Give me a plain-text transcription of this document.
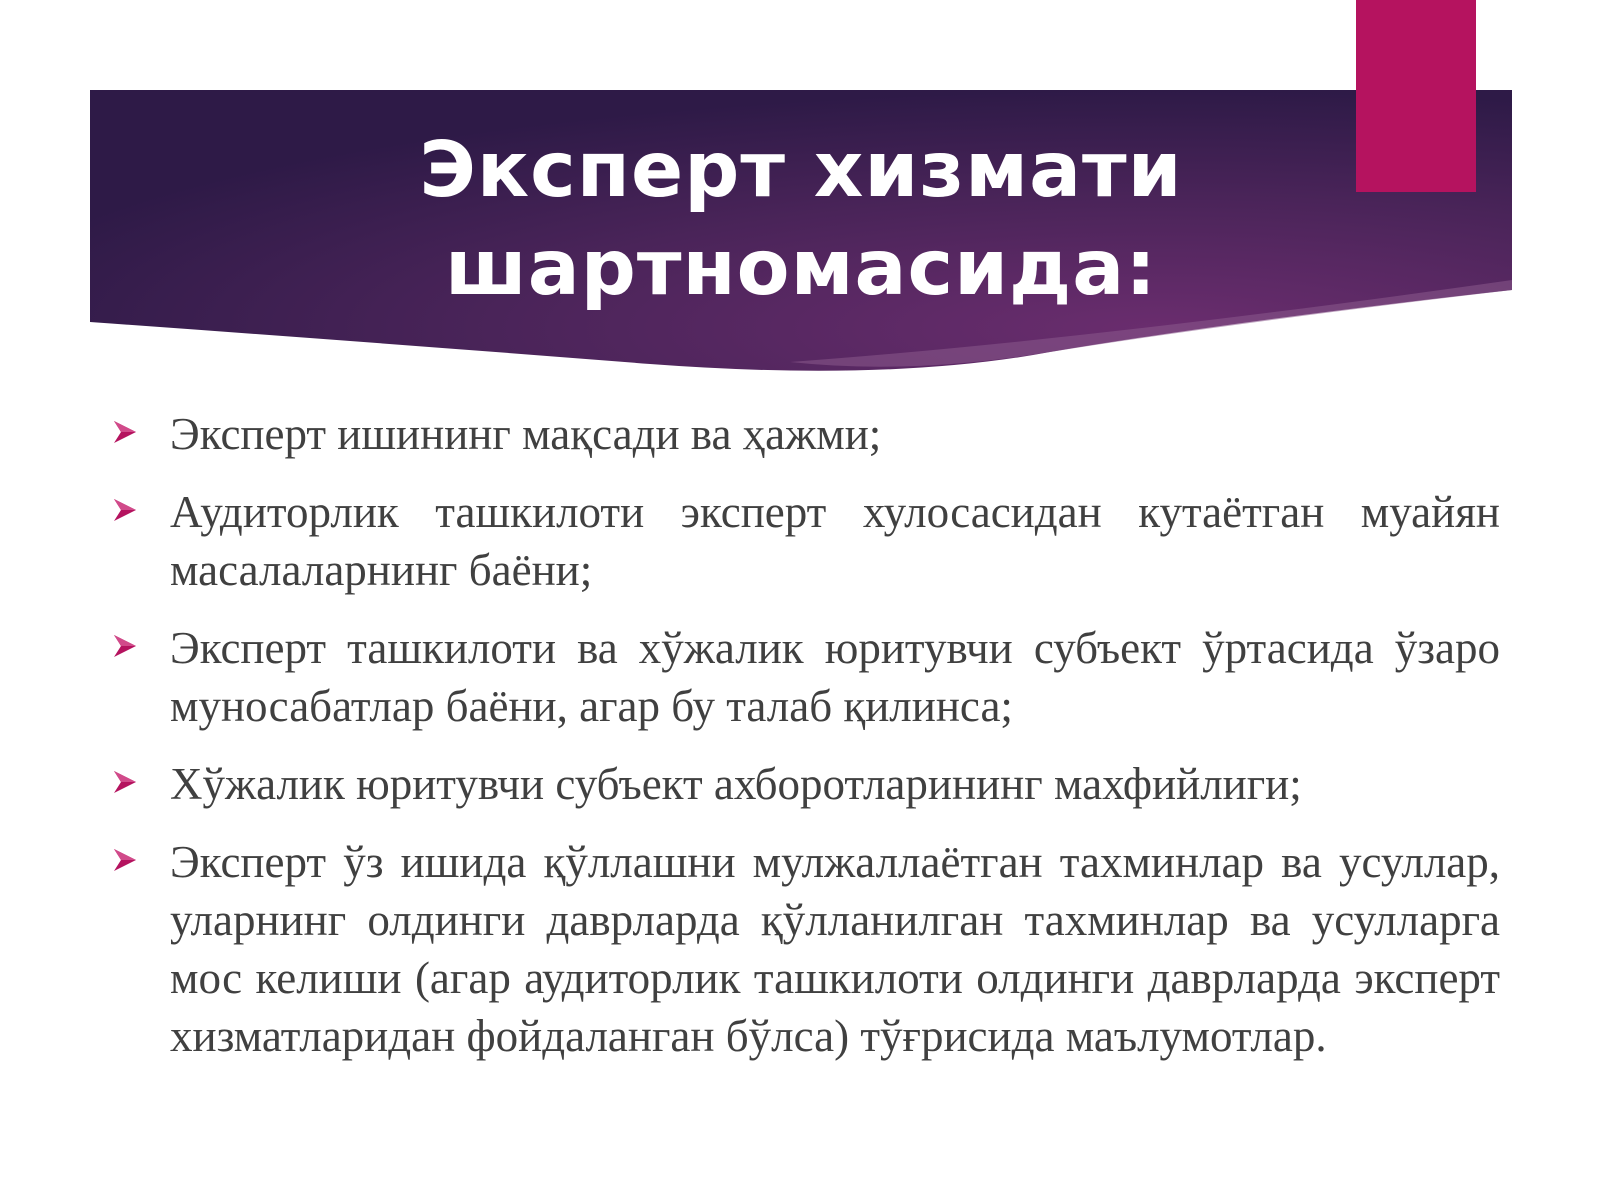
Эксперт хизмати
шартномасида:
Эксперт ишининг мақсади ва ҳажми;
Аудиторлик ташкилоти эксперт хулосасидан кутаётган муайян масалаларнинг баёни;
Эксперт ташкилоти ва хўжалик юритувчи субъект ўртасида ўзаро муносабатлар баёни, агар бу талаб қилинса;
Хўжалик юритувчи субъект ахборотларининг махфийлиги;
Эксперт ўз ишида қўллашни мулжаллаётган тахминлар ва усуллар, уларнинг олдинги даврларда қўлланилган тахминлар ва усулларга мос келиши (агар аудиторлик ташкилоти олдинги даврларда эксперт хизматларидан фойдаланган бўлса) тўғрисида маълумотлар.
